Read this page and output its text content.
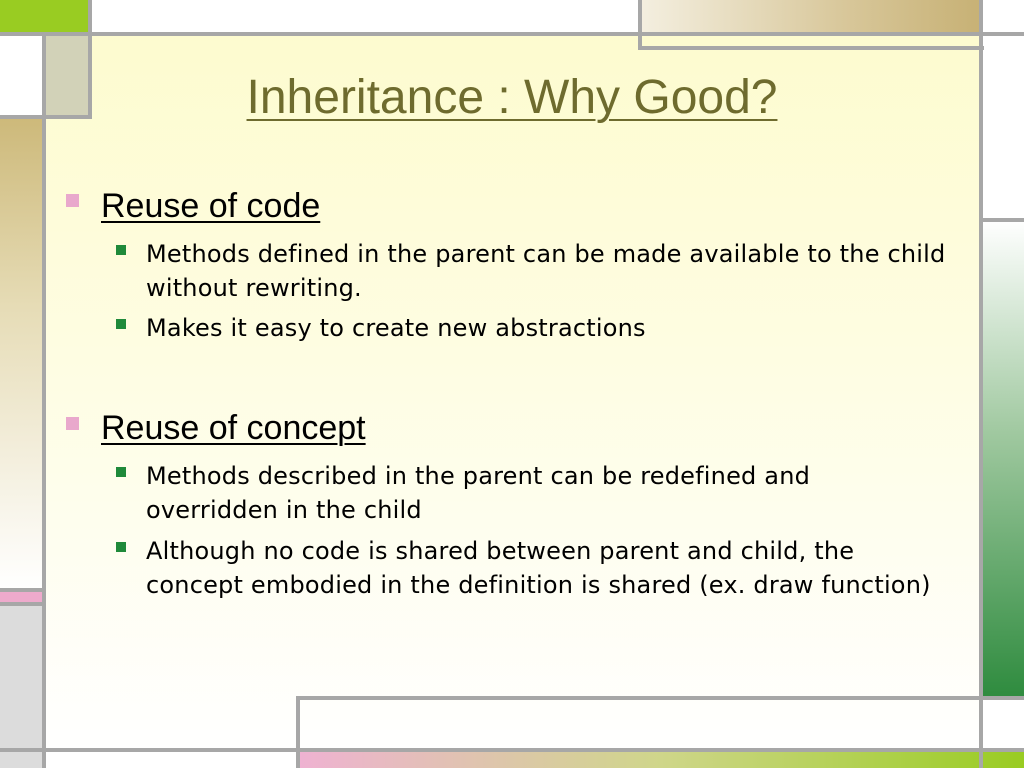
Inheritance : Why Good?
Reuse of code
Methods defined in the parent can be made available to the child without rewriting.
Makes it easy to create new abstractions
Reuse of concept
Methods described in the parent can be redefined and overridden in the child
Although no code is shared between parent and child, the concept embodied in the definition is shared (ex. draw function)
